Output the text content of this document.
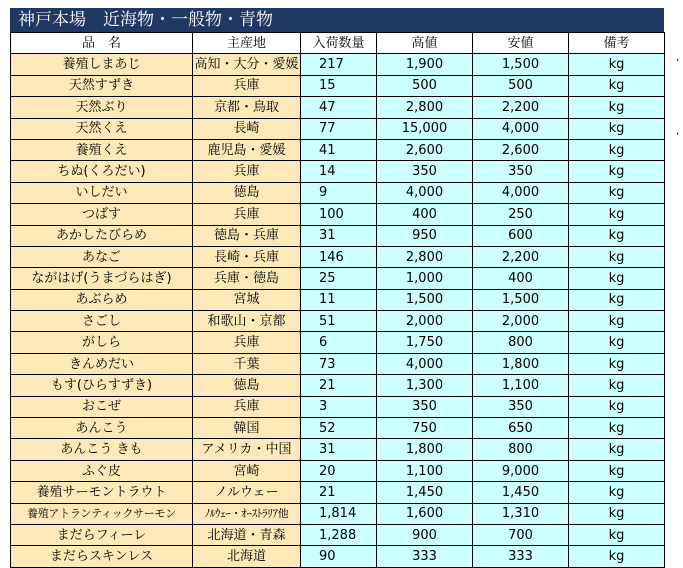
神戸本場　近海物・一般物・青物
品　名	主産地	入荷数量	高値	安値	備考
養殖しまあじ	高知・大分・愛媛	217	1,900	1,500	kg
天然すずき	兵庫	15	500	500	kg
天然ぶり	京都・鳥取	47	2,800	2,200	kg
天然くえ	長崎	77	15,000	4,000	kg
養殖くえ	鹿児島・愛媛	41	2,600	2,600	kg
ちぬ(くろだい)	兵庫	14	350	350	kg
いしだい	徳島	9	4,000	4,000	kg
つばす	兵庫	100	400	250	kg
あかしたびらめ	徳島・兵庫	31	950	600	kg
あなご	長崎・兵庫	146	2,800	2,200	kg
ながはげ(うまづらはぎ)	兵庫・徳島	25	1,000	400	kg
あぶらめ	宮城	11	1,500	1,500	kg
さごし	和歌山・京都	51	2,000	2,000	kg
がしら	兵庫	6	1,750	800	kg
きんめだい	千葉	73	4,000	1,800	kg
もす(ひらすずき)	徳島	21	1,300	1,100	kg
おこぜ	兵庫	3	350	350	kg
あんこう	韓国	52	750	650	kg
あんこう きも	アメリカ・中国	31	1,800	800	kg
ふぐ皮	宮崎	20	1,100	9,000	kg
養殖サーモントラウト	ノルウェー	21	1,450	1,450	kg
養殖アトランティックサーモン	ﾉﾙｳｪｰ・ｵｰｽﾄﾗﾘｱ他	1,814	1,600	1,310	kg
まだらフィーレ	北海道・青森	1,288	900	700	kg
まだらスキンレス	北海道	90	333	333	kg
,
,
